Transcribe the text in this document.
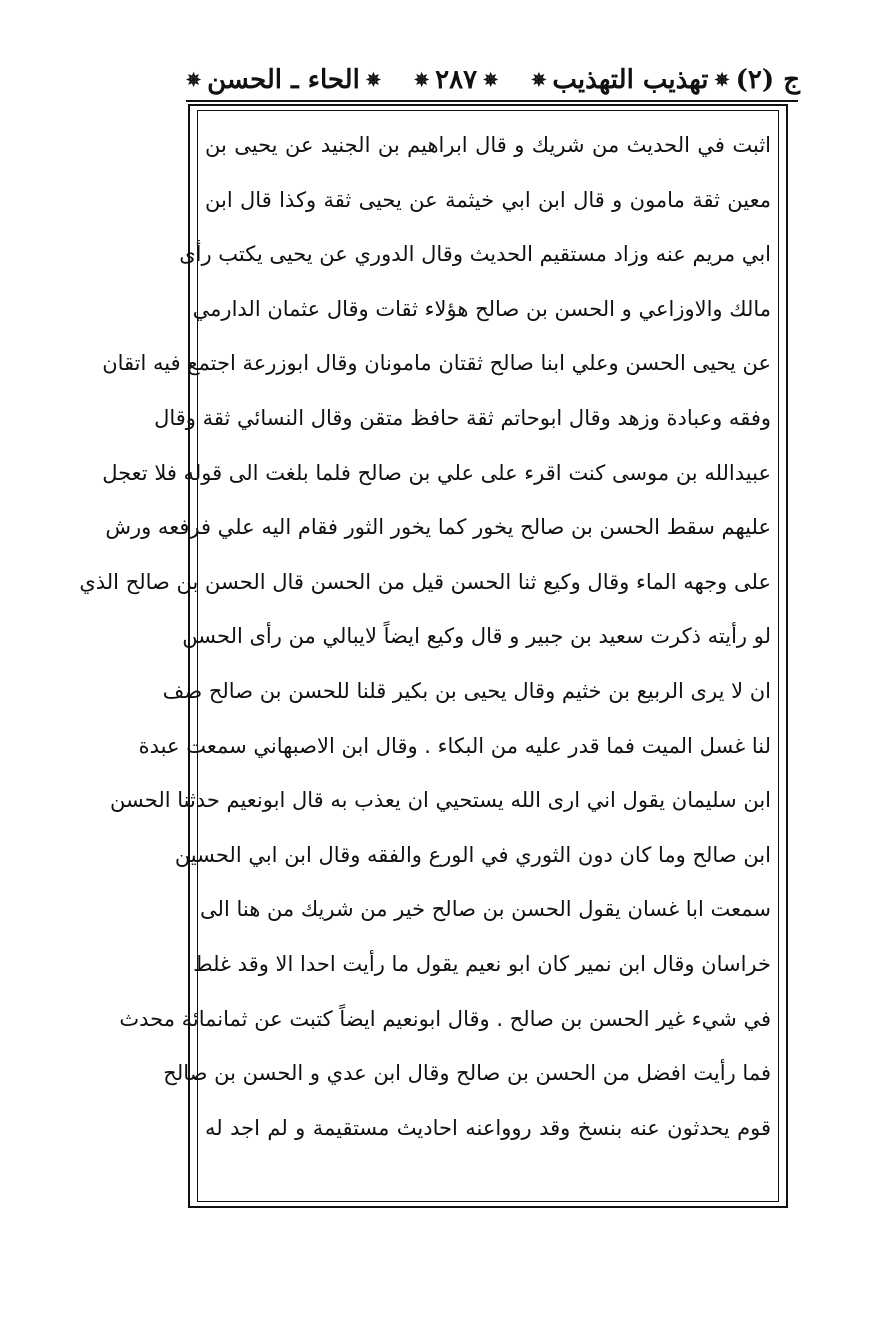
ج (٢)
✵
تهذيب التهذيب
✵
✵
٢٨٧
✵
✵
الحاء ـ الحسن
✵
اثبت في الحديث من شريك و قال ابراهيم بن الجنيد عن يحيى بن
معين ثقة مامون و قال ابن ابي خيثمة عن يحيى ثقة وكذا قال ابن
ابي مريم عنه وزاد مستقيم الحديث وقال الدوري عن يحيى يكتب رأى
مالك والاوزاعي و الحسن بن صالح هؤلاء ثقات وقال عثمان الدارمي
عن يحيى الحسن وعلي ابنا صالح ثقتان مامونان وقال ابوزرعة اجتمع فيه اتقان
وفقه وعبادة وزهد وقال ابوحاتم ثقة حافظ متقن وقال النسائي ثقة وقال
عبيدالله بن موسى كنت اقرء على علي بن صالح فلما بلغت الى قوله فلا تعجل
عليهم سقط الحسن بن صالح يخور كما يخور الثور فقام اليه علي فرفعه ورش
على وجهه الماء وقال وكيع ثنا الحسن قيل من الحسن قال الحسن بن صالح الذي
لو رأيته ذكرت سعيد بن جبير و قال وكيع ايضاً لايبالي من رأى الحسن
ان لا يرى الربيع بن خثيم وقال يحيى بن بكير قلنا للحسن بن صالح صف
لنا غسل الميت فما قدر عليه من البكاء . وقال ابن الاصبهاني سمعت عبدة
ابن سليمان يقول اني ارى الله يستحيي ان يعذب به قال ابونعيم حدثنا الحسن
ابن صالح وما كان دون الثوري في الورع والفقه وقال ابن ابي الحسين
سمعت ابا غسان يقول الحسن بن صالح خير من شريك من هنا الى
خراسان وقال ابن نمير كان ابو نعيم يقول ما رأيت احدا الا وقد غلط
في شيء غير الحسن بن صالح . وقال ابونعيم ايضاً كتبت عن ثمانمائة محدث
فما رأيت افضل من الحسن بن صالح وقال ابن عدي و الحسن بن صالح
قوم يحدثون عنه بنسخ وقد روواعنه احاديث مستقيمة و لم اجد له
